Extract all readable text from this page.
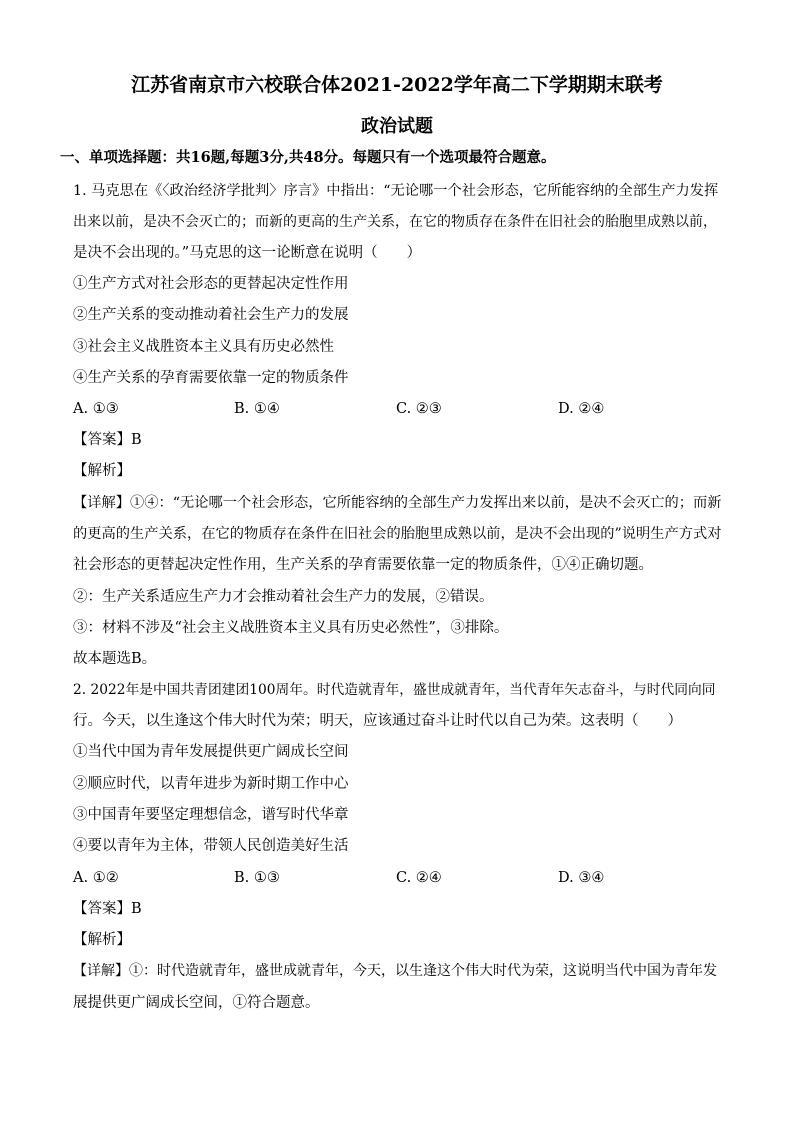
江苏省南京市六校联合体2021-2022学年高二下学期期末联考
政治试题
一、单项选择题：共16题,每题3分,共48分。每题只有一个选项最符合题意。
1. 马克思在《〈政治经济学批判〉序言》中指出：“无论哪一个社会形态，它所能容纳的全部生产力发挥
出来以前，是决不会灭亡的；而新的更高的生产关系，在它的物质存在条件在旧社会的胎胞里成熟以前，
是决不会出现的。”马克思的这一论断意在说明（　　）
①生产方式对社会形态的更替起决定性作用
②生产关系的变动推动着社会生产力的发展
③社会主义战胜资本主义具有历史必然性
④生产关系的孕育需要依靠一定的物质条件
A. ①③	B. ①④	C. ②③	D. ②④
【答案】B
【解析】
【详解】①④：“无论哪一个社会形态，它所能容纳的全部生产力发挥出来以前，是决不会灭亡的；而新
的更高的生产关系，在它的物质存在条件在旧社会的胎胞里成熟以前，是决不会出现的”说明生产方式对
社会形态的更替起决定性作用，生产关系的孕育需要依靠一定的物质条件，①④正确切题。
②：生产关系适应生产力才会推动着社会生产力的发展，②错误。
③：材料不涉及“社会主义战胜资本主义具有历史必然性”，③排除。
故本题选B。
2. 2022年是中国共青团建团100周年。时代造就青年，盛世成就青年，当代青年矢志奋斗，与时代同向同
行。今天，以生逢这个伟大时代为荣；明天，应该通过奋斗让时代以自己为荣。这表明（　　）
①当代中国为青年发展提供更广阔成长空间
②顺应时代，以青年进步为新时期工作中心
③中国青年要坚定理想信念，谱写时代华章
④要以青年为主体，带领人民创造美好生活
A. ①②	B. ①③	C. ②④	D. ③④
【答案】B
【解析】
【详解】①：时代造就青年，盛世成就青年，今天，以生逢这个伟大时代为荣，这说明当代中国为青年发
展提供更广阔成长空间，①符合题意。
